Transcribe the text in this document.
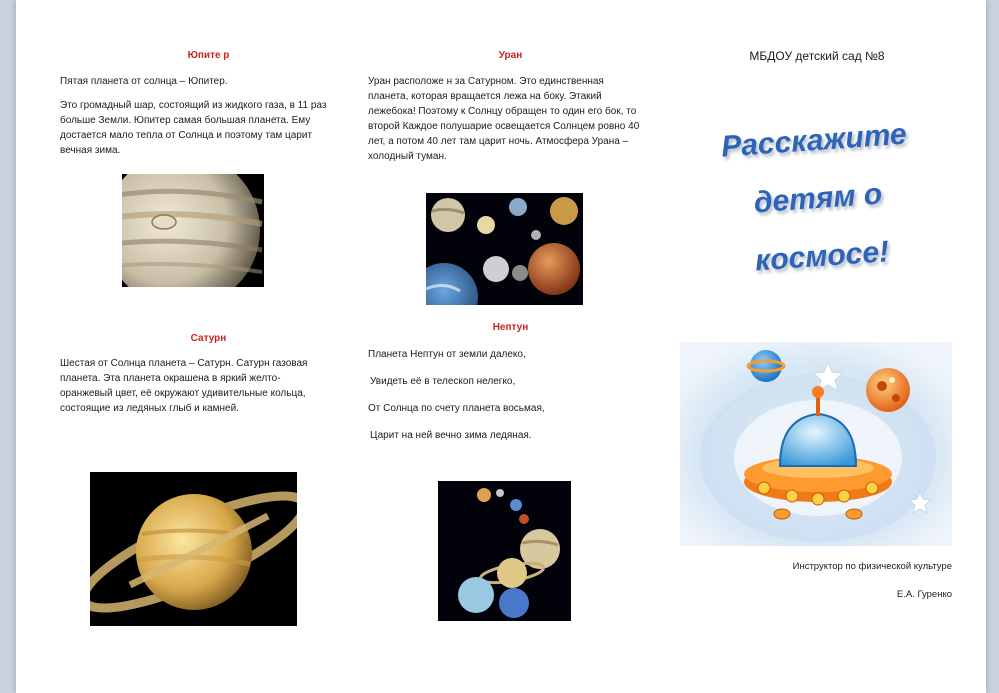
Юпите р

Пятая планета от солнца – Юпитер.

Это громадный шар, состоящий из жидкого газа, в 11 раз больше Земли. Юпитер самая большая планета. Ему достается мало тепла от Солнца и поэтому там царит вечная зима.

Сатурн
Шестая от Солнца планета – Сатурн. Сатурн газовая планета. Эта планета окрашена в яркий желто-оранжевый цвет, её окружают удивительные кольца, состоящие из ледяных глыб и камней.
Уран
Уран расположе н за Сатурном. Это единственная планета, которая вращается лежа на боку. Этакий лежебока! Поэтому к Солнцу обращен то один его бок, то второй Каждое полушарие освещается Солнцем ровно 40 лет, а потом 40 лет там царит ночь. Атмосфера Урана – холодный туман.
Нептун

Планета Нептун от земли далеко,

Увидеть её в телескоп нелегко,

От Солнца по счету планета восьмая,

Царит на ней вечно зима ледяная.

МБДОУ детский сад №8
Расскажите
детям о
космосе!
Инструктор по физической культуре
Е.А. Гуренко
